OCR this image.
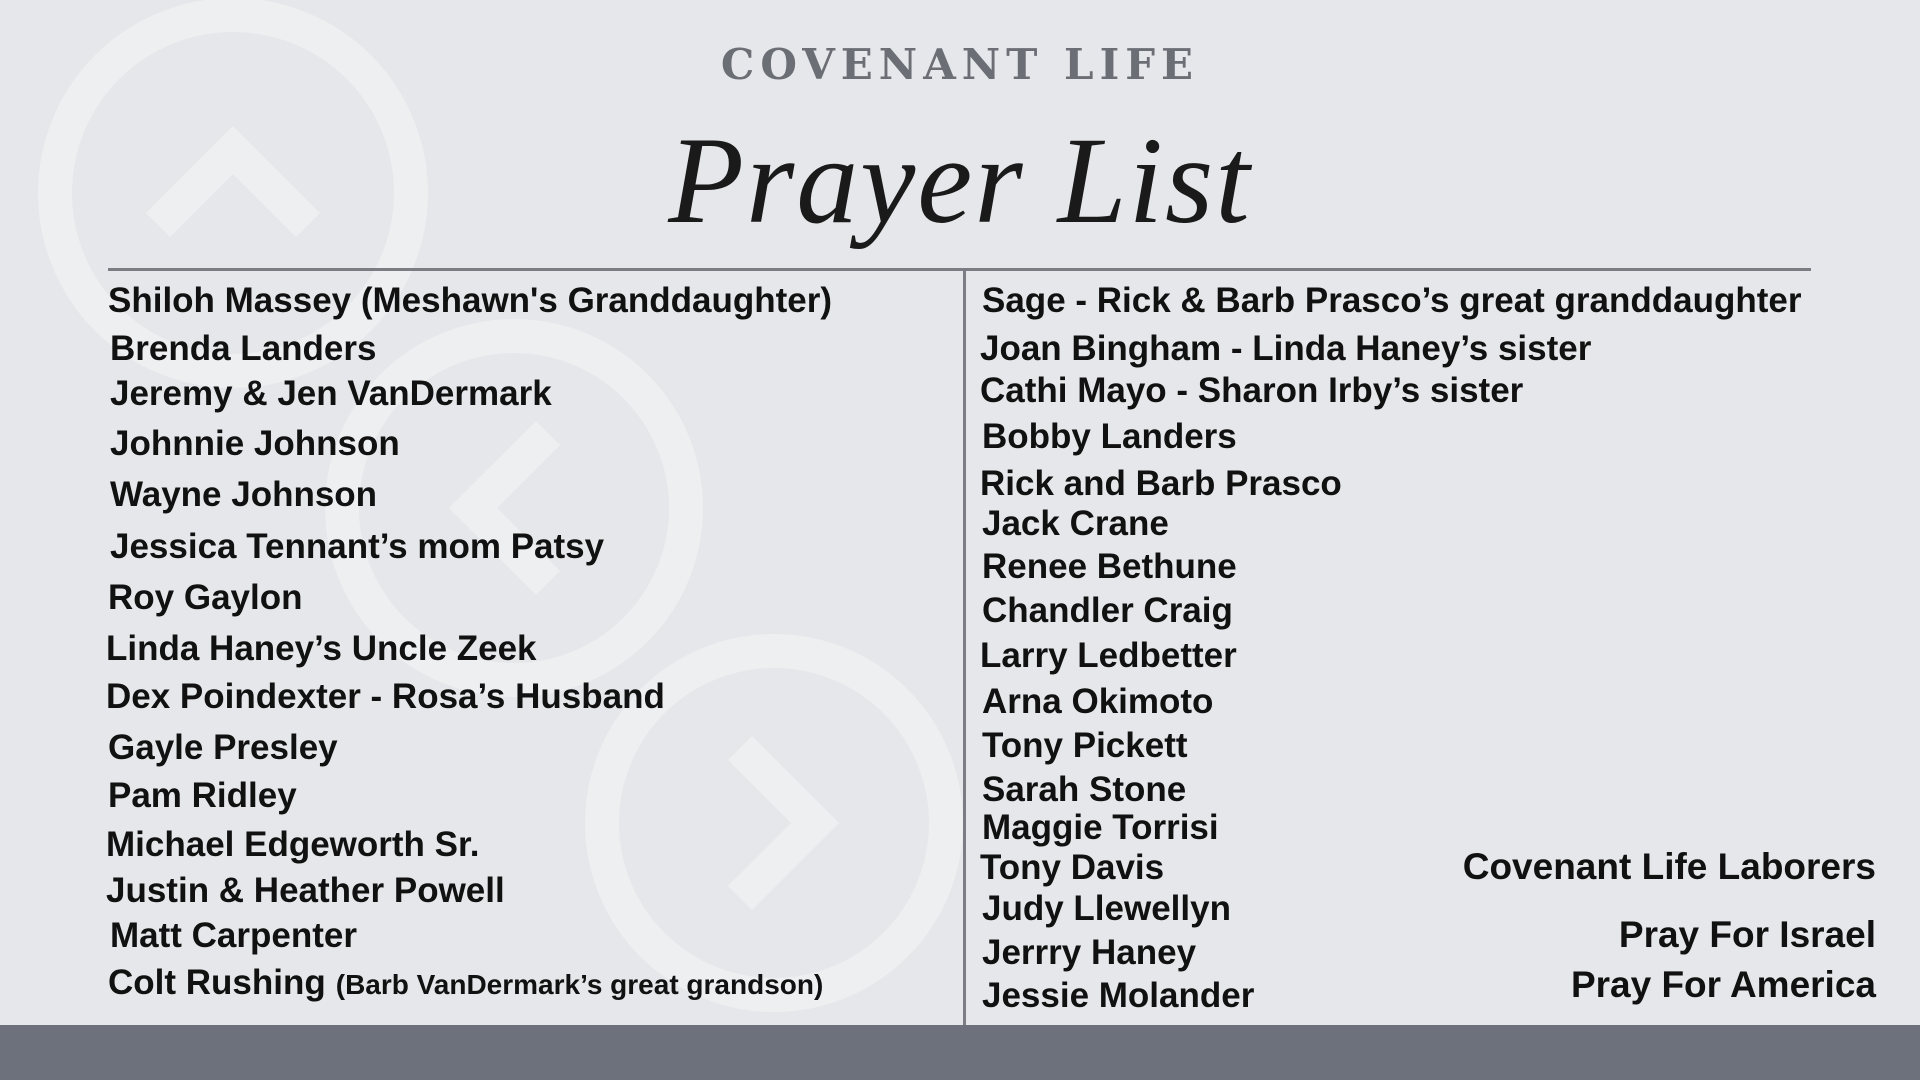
COVENANT LIFE
Prayer List
Shiloh Massey (Meshawn's Granddaughter)
Brenda Landers
Jeremy & Jen VanDermark
Johnnie Johnson
Wayne Johnson
Jessica Tennant’s mom Patsy
Roy Gaylon
Linda Haney’s Uncle Zeek
Dex Poindexter - Rosa’s Husband
Gayle Presley
Pam Ridley
Michael Edgeworth Sr.
Justin & Heather Powell
Matt Carpenter
Colt Rushing (Barb VanDermark’s great grandson)
Sage - Rick & Barb Prasco’s great granddaughter
Joan Bingham - Linda Haney’s sister
Cathi Mayo - Sharon Irby’s sister
Bobby Landers
Rick and Barb Prasco
Jack Crane
Renee Bethune
Chandler Craig
Larry Ledbetter
Arna Okimoto
Tony Pickett
Sarah Stone
Maggie Torrisi
Tony Davis
Judy Llewellyn
Jerrry Haney
Jessie Molander
Covenant Life Laborers
Pray For Israel
Pray For America
